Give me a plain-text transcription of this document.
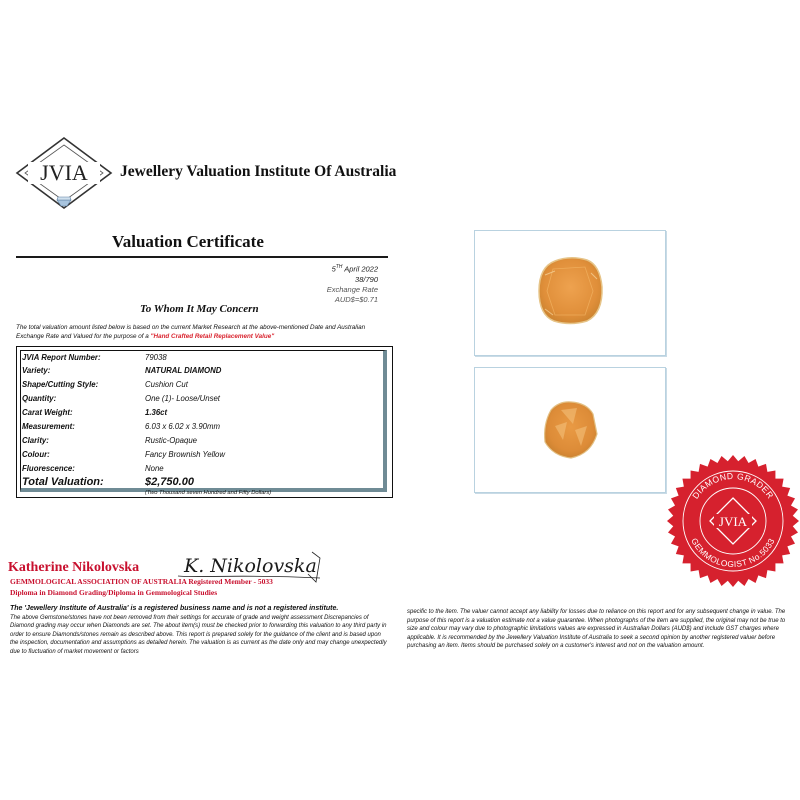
JVIA Jewellery Valuation Institute Of Australia
Valuation Certificate
5TH April 2022
38/790
Exchange Rate
AUD$=$0.71
To Whom It May Concern
The total valuation amount listed below is based on the current Market Research at the above-mentioned Date and Australian Exchange Rate and Valued for the purpose of a "Hand Crafted Retail Replacement Value"
JVIA Report Number:	79038
Variety:	NATURAL DIAMOND
Shape/Cutting Style:	Cushion Cut
Quantity:	One (1)- Loose/Unset
Carat Weight:	1.36ct
Measurement:	6.03 x 6.02 x 3.90mm
Clarity:	Rustic-Opaque
Colour:	Fancy Brownish Yellow
Fluorescence:	None
Total Valuation:	$2,750.00
(Two Thousand seven Hundred and Fifty Dollars)
Katherine Nikolovska K. Nikolovska
GEMMOLOGICAL ASSOCIATION OF AUSTRALIA Registered Member - 5033
Diploma in Diamond Grading/Diploma in Gemmological Studies
The 'Jewellery Institute of Australia' is a registered business name and is not a registered institute.
The above Gemstone/stones have not been removed from their settings for accurate of grade and weight assessment Discrepancies of Diamond grading may occur when Diamonds are set. The about item(s) must be checked prior to forwarding this valuation to any third party in order to ensure Diamonds/stones remain as described above. This report is prepared solely for the guidance of the client and is based upon the inspection, documentation and assumptions as detailed herein. The valuation is as current as the date only and may change unexpectedly due to fluctuation of market movement or factors
specific to the item. The valuer cannot accept any liability for losses due to reliance on this report and for any subsequent change in value. The purpose of this report is a valuation estimate not a value guarantee. When photographs of the item are supplied, the original may not be true to size and colour may vary due to photographic limitations values are expressed in Australian Dollars (AUD$) and include GST charges where applicable. It is recommended by the Jewellery Valuation Institute of Australia to seek a second opinion by another registered valuer before purchasing an item. Items should be purchased solely on a customer's interest and not on the valuation amount.
DIAMOND GRADER
GEMMOLOGIST No.5033
JVIA
